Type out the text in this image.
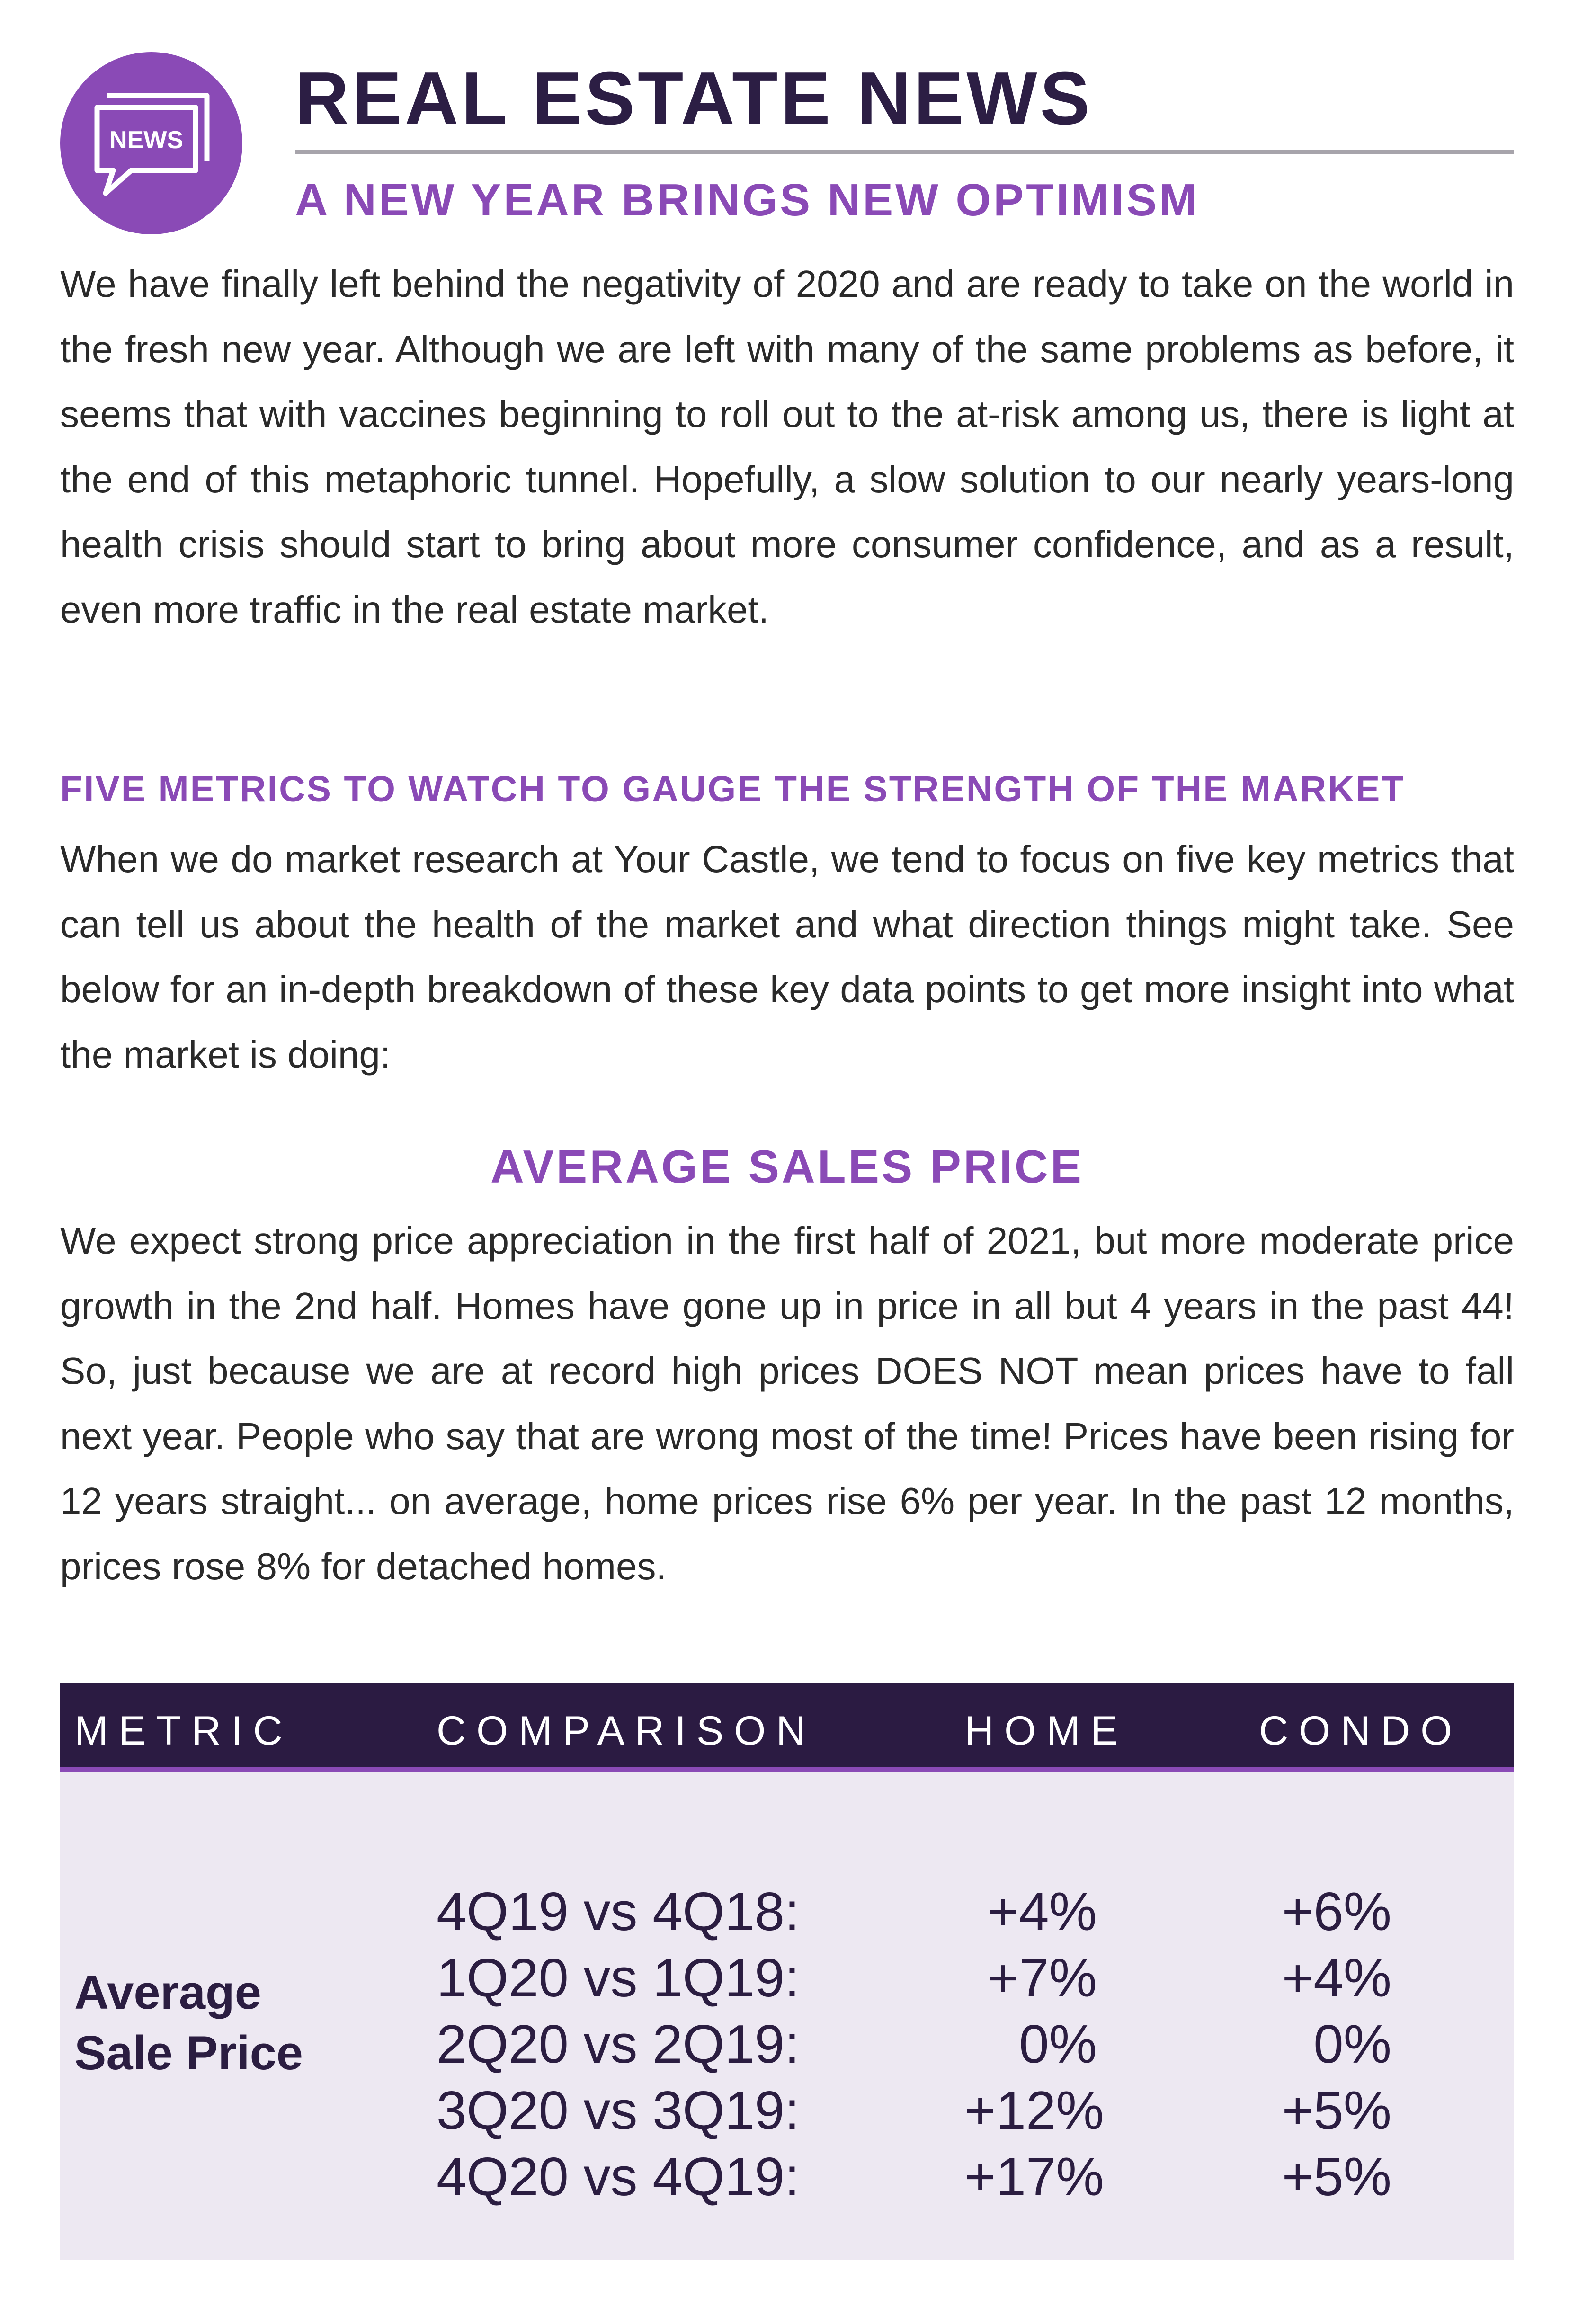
NEWS REAL ESTATE NEWS
A NEW YEAR BRINGS NEW OPTIMISM

We have finally left behind the negativity of 2020 and are ready to take on the world in the fresh new year. Although we are left with many of the same problems as before, it seems that with vaccines beginning to roll out to the at-risk among us, there is light at the end of this metaphoric tunnel. Hopefully, a slow solution to our nearly years-long health crisis should start to bring about more consumer confidence, and as a result, even more traffic in the real estate market.

FIVE METRICS TO WATCH TO GAUGE THE STRENGTH OF THE MARKET

When we do market research at Your Castle, we tend to focus on five key metrics that can tell us about the health of the market and what direction things might take. See below for an in-depth breakdown of these key data points to get more insight into what the market is doing:

AVERAGE SALES PRICE

We expect strong price appreciation in the first half of 2021, but more moderate price growth in the 2nd half. Homes have gone up in price in all but 4 years in the past 44! So, just because we are at record high prices DOES NOT mean prices have to fall next year. People who say that are wrong most of the time! Prices have been rising for 12 years straight... on average, home prices rise 6% per year. In the past 12 months, prices rose 8% for detached homes.

METRIC	COMPARISON	HOME	CONDO
Average
Sale Price
4Q19 vs 4Q18:	+4%	+6%
1Q20 vs 1Q19:	+7%	+4%
2Q20 vs 2Q19:	0%	0%
3Q20 vs 3Q19:	+12%	+5%
4Q20 vs 4Q19:	+17%	+5%
